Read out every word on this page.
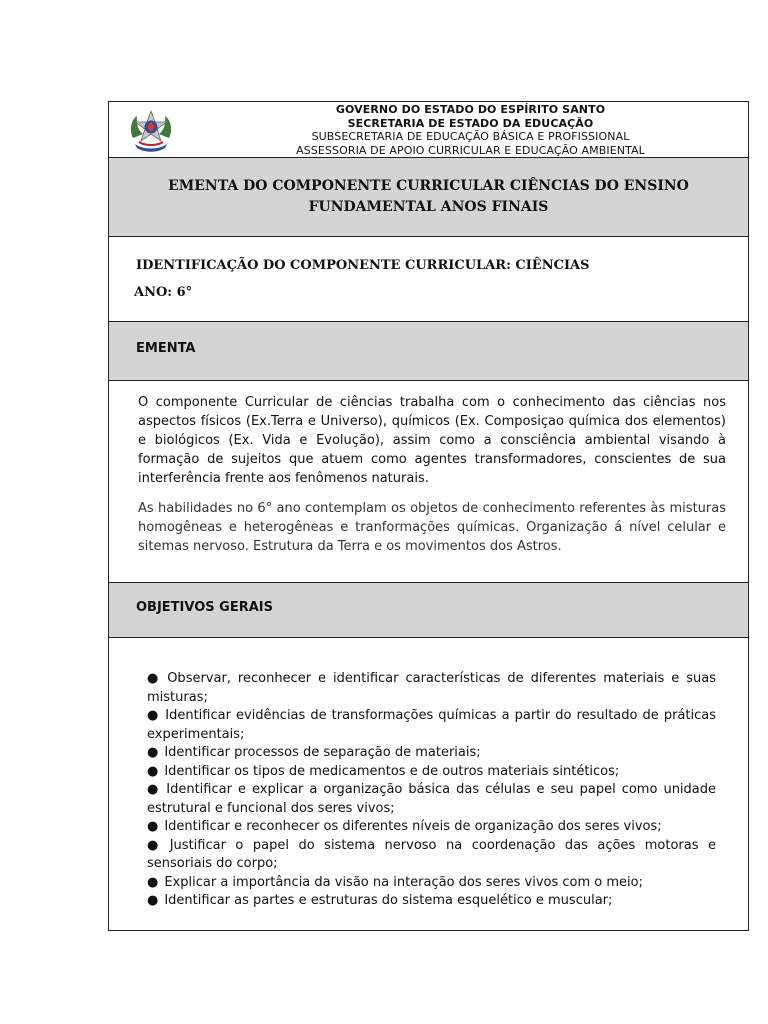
GOVERNO DO ESTADO DO ESPÍRITO SANTO
SECRETARIA DE ESTADO DA EDUCAÇÃO
SUBSECRETARIA DE EDUCAÇÃO BÁSICA E PROFISSIONAL
ASSESSORIA DE APOIO CURRICULAR E EDUCAÇÃO AMBIENTAL
EMENTA DO COMPONENTE CURRICULAR CIÊNCIAS DO ENSINO
FUNDAMENTAL ANOS FINAIS
IDENTIFICAÇÃO DO COMPONENTE CURRICULAR: CIÊNCIAS
ANO: 6°
EMENTA
O componente Curricular de ciências trabalha com o conhecimento das ciências nos aspectos físicos (Ex.Terra e Universo), químicos (Ex. Composiçao química dos elementos) e biológicos (Ex. Vida e Evolução), assim como a consciência ambiental visando à formação de sujeitos que atuem como agentes transformadores, conscientes de sua interferência frente aos fenômenos naturais.
As habilidades no 6° ano contemplam os objetos de conhecimento referentes às misturas homogêneas e heterogêneas e tranformações químicas. Organização á nível celular e sitemas nervoso. Estrutura da Terra e os movimentos dos Astros.
OBJETIVOS GERAIS
● Observar, reconhecer e identificar características de diferentes materiais e suas misturas;
● Identificar evidências de transformações químicas a partir do resultado de práticas experimentais;
● Identificar processos de separação de materiais;
● Identificar os tipos de medicamentos e de outros materiais sintéticos;
● Identificar e explicar a organização básica das células e seu papel como unidade estrutural e funcional dos seres vivos;
● Identificar e reconhecer os diferentes níveis de organização dos seres vivos;
● Justificar o papel do sistema nervoso na coordenação das ações motoras e sensoriais do corpo;
● Explicar a importância da visão na interação dos seres vivos com o meio;
● Identificar as partes e estruturas do sistema esquelético e muscular;
